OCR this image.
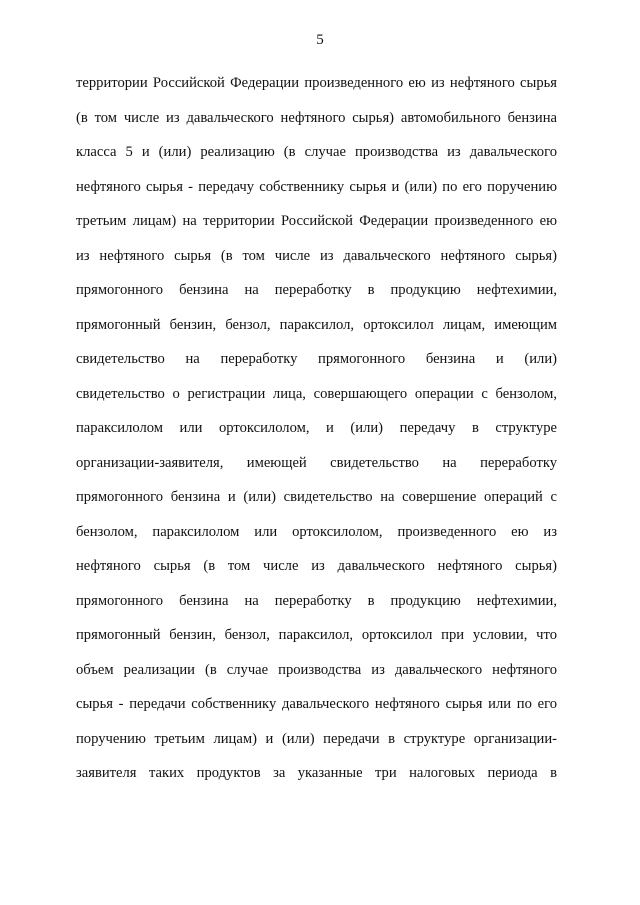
5
территории Российской Федерации произведенного ею из нефтяного сырья
(в том числе из давальческого нефтяного сырья) автомобильного бензина
класса 5 и (или) реализацию (в случае производства из давальческого
нефтяного сырья - передачу собственнику сырья и (или) по его поручению
третьим лицам) на территории Российской Федерации произведенного ею
из нефтяного сырья (в том числе из давальческого нефтяного сырья)
прямогонного бензина на переработку в продукцию нефтехимии,
прямогонный бензин, бензол, параксилол, ортоксилол лицам, имеющим
свидетельство на переработку прямогонного бензина и (или)
свидетельство о регистрации лица, совершающего операции с бензолом,
параксилолом или ортоксилолом, и (или) передачу в структуре
организации-заявителя, имеющей свидетельство на переработку
прямогонного бензина и (или) свидетельство на совершение операций с
бензолом, параксилолом или ортоксилолом, произведенного ею из
нефтяного сырья (в том числе из давальческого нефтяного сырья)
прямогонного бензина на переработку в продукцию нефтехимии,
прямогонный бензин, бензол, параксилол, ортоксилол при условии, что
объем реализации (в случае производства из давальческого нефтяного
сырья - передачи собственнику давальческого нефтяного сырья или по его
поручению третьим лицам) и (или) передачи в структуре организации-
заявителя таких продуктов за указанные три налоговых периода в
